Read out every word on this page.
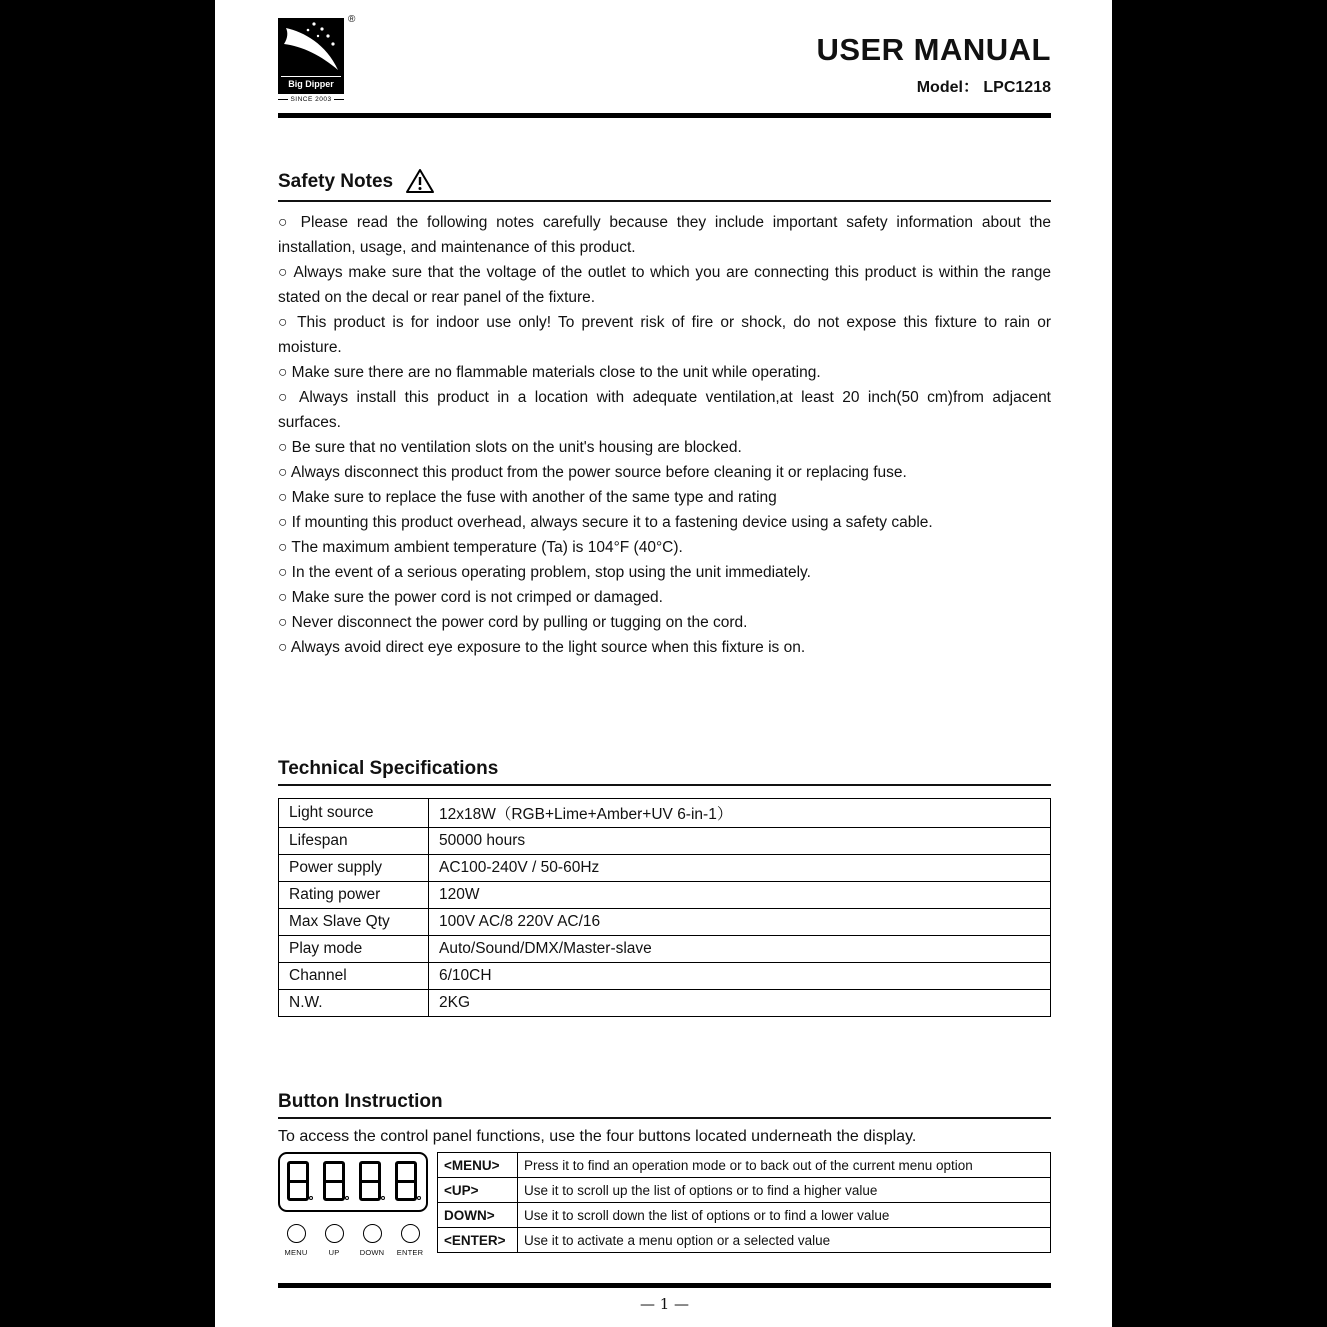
Big Dipper
®
SINCE 2003
USER MANUAL
Model： LPC1218
Safety Notes

○ Please read the following notes carefully because they include important safety information about the installation, usage, and maintenance of this product.

○ Always make sure that the voltage of the outlet to which you are connecting this product is within the range stated on the decal or rear panel of the fixture.

○ This product is for indoor use only! To prevent risk of fire or shock, do not expose this fixture to rain or moisture.

○ Make sure there are no flammable materials close to the unit while operating.

○ Always install this product in a location with adequate ventilation,at least 20 inch(50 cm)from adjacent surfaces.

○ Be sure that no ventilation slots on the unit's housing are blocked.

○ Always disconnect this product from the power source before cleaning it or replacing fuse.

○ Make sure to replace the fuse with another of the same type and rating

○ If mounting this product overhead, always secure it to a fastening device using a safety cable.

○ The maximum ambient temperature (Ta) is 104°F (40°C).

○ In the event of a serious operating problem, stop using the unit immediately.

○ Make sure the power cord is not crimped or damaged.

○ Never disconnect the power cord by pulling or tugging on the cord.

○ Always avoid direct eye exposure to the light source when this fixture is on.

Technical Specifications
Light source	12x18W（RGB+Lime+Amber+UV 6-in-1）
Lifespan	50000 hours
Power supply	AC100-240V / 50-60Hz
Rating power	120W
Max Slave Qty	100V AC/8 220V AC/16
Play mode	Auto/Sound/DMX/Master-slave
Channel	6/10CH
N.W.	2KG
Button Instruction

To access the control panel functions, use the four buttons located underneath the display.

MENU	UP	DOWN ENTER
<MENU>	Press it to find an operation mode or to back out of the current menu option
<UP>	Use it to scroll up the list of options or to find a higher value
DOWN>	Use it to scroll down the list of options or to find a lower value
<ENTER>	Use it to activate a menu option or a selected value
— 1 —
